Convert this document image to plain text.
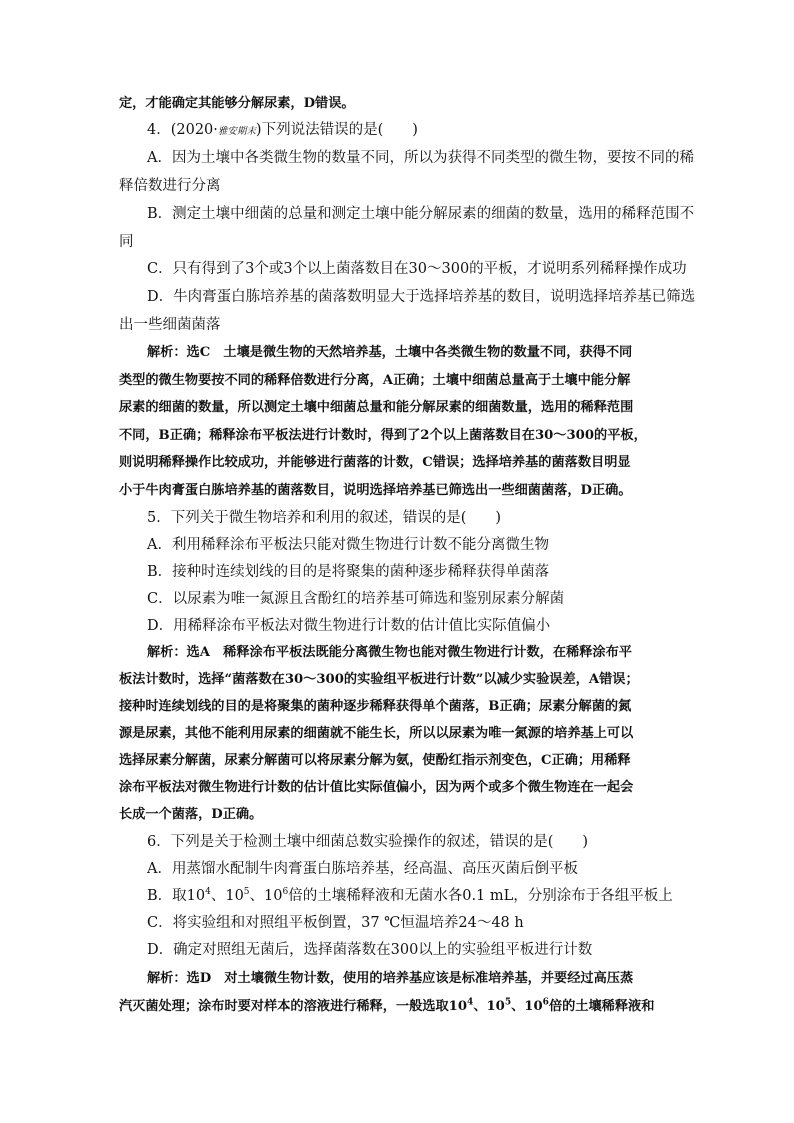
定，才能确定其能够分解尿素，D错误。
4．(2020·雅安期末)下列说法错误的是(　　)
A．因为土壤中各类微生物的数量不同，所以为获得不同类型的微生物，要按不同的稀
释倍数进行分离
B．测定土壤中细菌的总量和测定土壤中能分解尿素的细菌的数量，选用的稀释范围不
同
C．只有得到了3个或3个以上菌落数目在30～300的平板，才说明系列稀释操作成功
D．牛肉膏蛋白胨培养基的菌落数明显大于选择培养基的数目，说明选择培养基已筛选
出一些细菌菌落
解析：选C　土壤是微生物的天然培养基，土壤中各类微生物的数量不同，获得不同
类型的微生物要按不同的稀释倍数进行分离，A正确；土壤中细菌总量高于土壤中能分解
尿素的细菌的数量，所以测定土壤中细菌总量和能分解尿素的细菌数量，选用的稀释范围
不同，B正确；稀释涂布平板法进行计数时，得到了2个以上菌落数目在30～300的平板，
则说明稀释操作比较成功，并能够进行菌落的计数，C错误；选择培养基的菌落数目明显
小于牛肉膏蛋白胨培养基的菌落数目，说明选择培养基已筛选出一些细菌菌落，D正确。
5．下列关于微生物培养和利用的叙述，错误的是(　　)
A．利用稀释涂布平板法只能对微生物进行计数不能分离微生物
B．接种时连续划线的目的是将聚集的菌种逐步稀释获得单菌落
C．以尿素为唯一氮源且含酚红的培养基可筛选和鉴别尿素分解菌
D．用稀释涂布平板法对微生物进行计数的估计值比实际值偏小
解析：选A　稀释涂布平板法既能分离微生物也能对微生物进行计数，在稀释涂布平
板法计数时，选择“菌落数在30～300的实验组平板进行计数”以减少实验误差，A错误；
接种时连续划线的目的是将聚集的菌种逐步稀释获得单个菌落，B正确；尿素分解菌的氮
源是尿素，其他不能利用尿素的细菌就不能生长，所以以尿素为唯一氮源的培养基上可以
选择尿素分解菌，尿素分解菌可以将尿素分解为氨，使酚红指示剂变色，C正确；用稀释
涂布平板法对微生物进行计数的估计值比实际值偏小，因为两个或多个微生物连在一起会
长成一个菌落，D正确。
6．下列是关于检测土壤中细菌总数实验操作的叙述，错误的是(　　)
A．用蒸馏水配制牛肉膏蛋白胨培养基，经高温、高压灭菌后倒平板
B．取$10^4$、$10^5$、$10^6$倍的土壤稀释液和无菌水各0.1 mL，分别涂布于各组平板上
C．将实验组和对照组平板倒置，37 ℃恒温培养24～48 h
D．确定对照组无菌后，选择菌落数在300以上的实验组平板进行计数
解析：选D　对土壤微生物计数，使用的培养基应该是标准培养基，并要经过高压蒸
汽灭菌处理；涂布时要对样本的溶液进行稀释，一般选取$10^4$、$10^5$、$10^6$倍的土壤稀释液和
